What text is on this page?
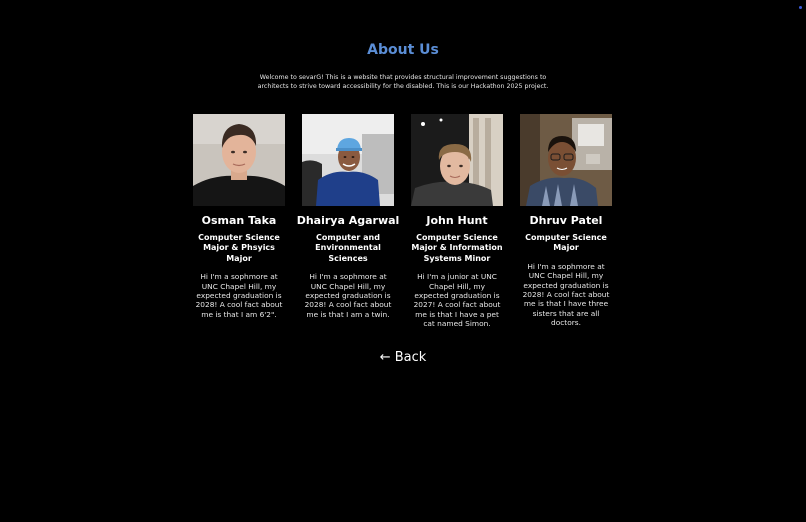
About Us
Welcome to sevarG! This is a website that provides structural improvement suggestions to architects to strive toward accessibility for the disabled. This is our Hackathon 2025 project.
Osman Taka
Computer Science Major & Phsyics Major
Hi I'm a sophmore at UNC Chapel Hill, my expected graduation is 2028! A cool fact about me is that I am 6'2".
Dhairya Agarwal
Computer and Environmental Sciences
Hi I'm a sophmore at UNC Chapel Hill, my expected graduation is 2028! A cool fact about me is that I am a twin.
John Hunt
Computer Science Major & Information Systems Minor
Hi I'm a junior at UNC Chapel Hill, my expected graduation is 2027! A cool fact about me is that I have a pet cat named Simon.
Dhruv Patel
Computer Science Major
Hi I'm a sophmore at UNC Chapel Hill, my expected graduation is 2028! A cool fact about me is that I have three sisters that are all doctors.
← Back
